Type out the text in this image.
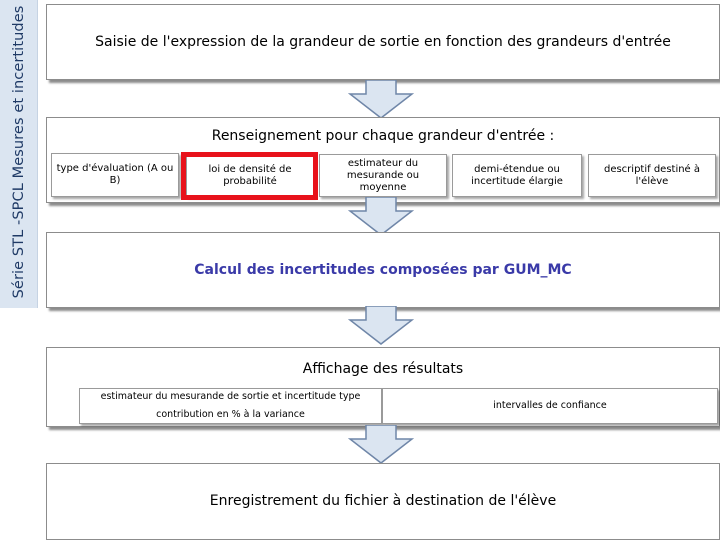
Série STL -SPCL Mesures et incertitudes	Saisie de l'expression de la grandeur de sortie en fonction des grandeurs d'entrée
Renseignement pour chaque grandeur d'entrée :
type d'évaluation (A ou B)
loi de densité de probabilité
estimateur du mesurande ou moyenne
demi-étendue ou incertitude élargie
descriptif destiné à l'élève
Calcul des incertitudes composées par GUM_MC
Affichage des résultats
estimateur du mesurande de sortie et incertitude type
contribution en % à la variance
intervalles de confiance
Enregistrement du fichier à destination de l'élève
